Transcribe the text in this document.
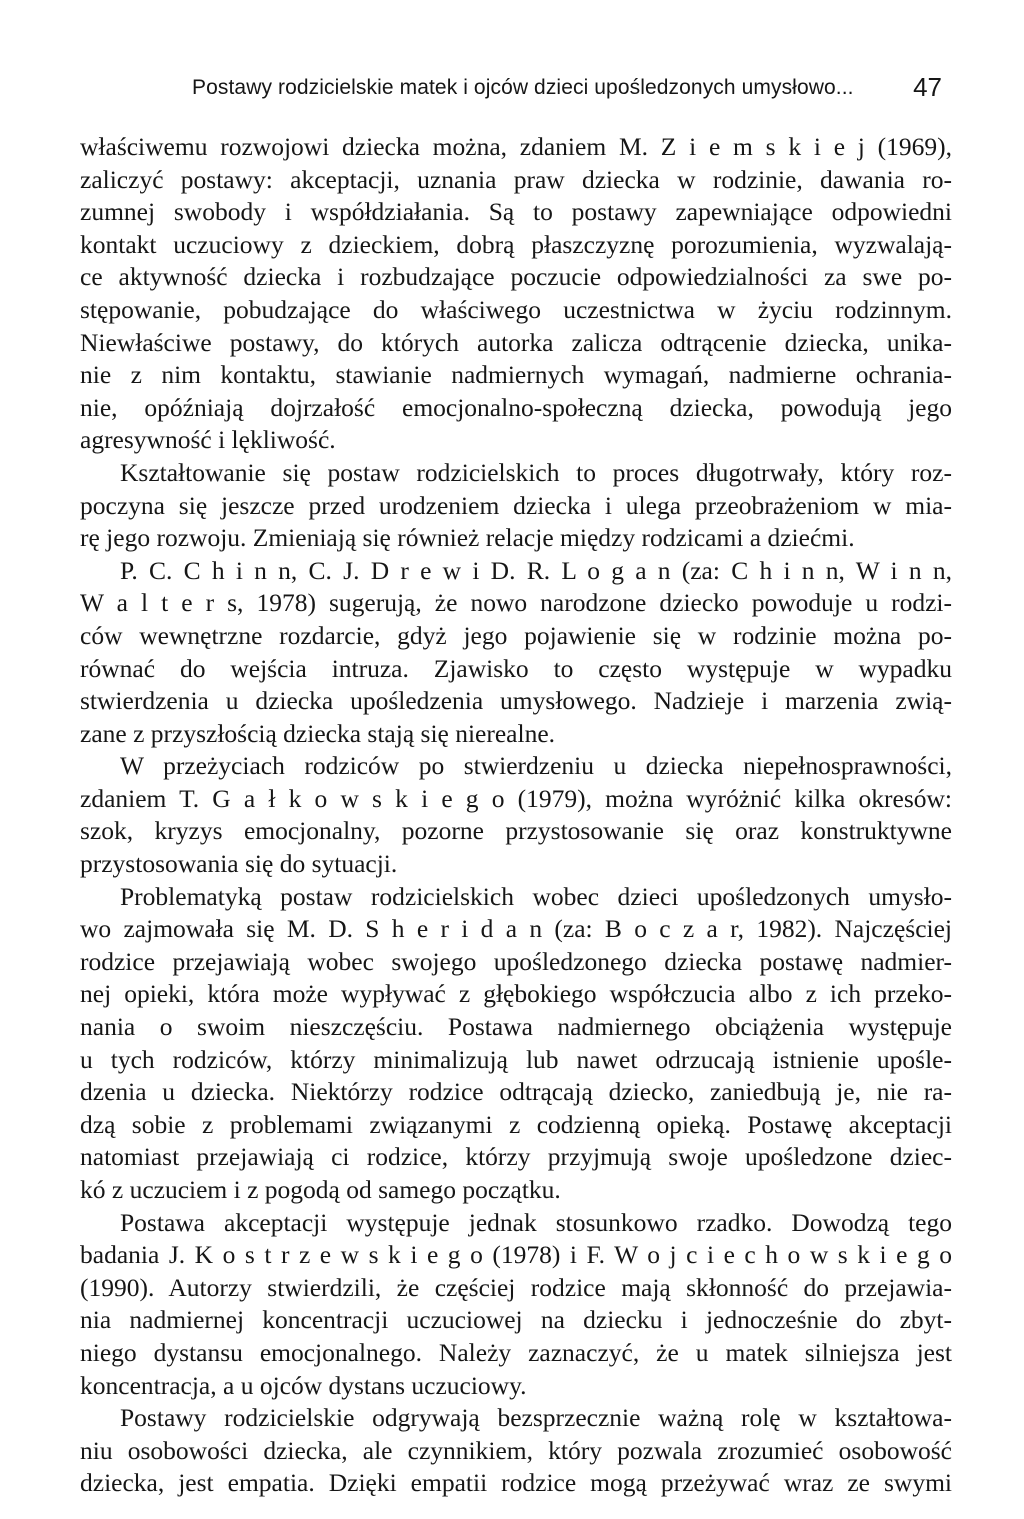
Postawy rodzicielskie matek i ojców dzieci upośledzonych umysłowo... 47
właściwemu rozwojowi dziecka można, zdaniem M. Z i e m s k i e j (1969),
zaliczyć postawy: akceptacji, uznania praw dziecka w rodzinie, dawania ro-
zumnej swobody i współdziałania. Są to postawy zapewniające odpowiedni
kontakt uczuciowy z dzieckiem, dobrą płaszczyznę porozumienia, wyzwalają-
ce aktywność dziecka i rozbudzające poczucie odpowiedzialności za swe po-
stępowanie, pobudzające do właściwego uczestnictwa w życiu rodzinnym.
Niewłaściwe postawy, do których autorka zalicza odtrącenie dziecka, unika-
nie z nim kontaktu, stawianie nadmiernych wymagań, nadmierne ochrania-
nie, opóźniają dojrzałość emocjonalno-społeczną dziecka, powodują jego
agresywność i lękliwość.
Kształtowanie się postaw rodzicielskich to proces długotrwały, który roz-
poczyna się jeszcze przed urodzeniem dziecka i ulega przeobrażeniom w mia-
rę jego rozwoju. Zmieniają się również relacje między rodzicami a dziećmi.
P. C. C h i n n, C. J. D r e w i D. R. L o g a n (za: C h i n n, W i n n,
W a l t e r s, 1978) sugerują, że nowo narodzone dziecko powoduje u rodzi-
ców wewnętrzne rozdarcie, gdyż jego pojawienie się w rodzinie można po-
równać do wejścia intruza. Zjawisko to często występuje w wypadku
stwierdzenia u dziecka upośledzenia umysłowego. Nadzieje i marzenia zwią-
zane z przyszłością dziecka stają się nierealne.
W przeżyciach rodziców po stwierdzeniu u dziecka niepełnosprawności,
zdaniem T. G a ł k o w s k i e g o (1979), można wyróżnić kilka okresów:
szok, kryzys emocjonalny, pozorne przystosowanie się oraz konstruktywne
przystosowania się do sytuacji.
Problematyką postaw rodzicielskich wobec dzieci upośledzonych umysło-
wo zajmowała się M. D. S h e r i d a n (za: B o c z a r, 1982). Najczęściej
rodzice przejawiają wobec swojego upośledzonego dziecka postawę nadmier-
nej opieki, która może wypływać z głębokiego współczucia albo z ich przeko-
nania o swoim nieszczęściu. Postawa nadmiernego obciążenia występuje
u tych rodziców, którzy minimalizują lub nawet odrzucają istnienie upośle-
dzenia u dziecka. Niektórzy rodzice odtrącają dziecko, zaniedbują je, nie ra-
dzą sobie z problemami związanymi z codzienną opieką. Postawę akceptacji
natomiast przejawiają ci rodzice, którzy przyjmują swoje upośledzone dziec-
kó z uczuciem i z pogodą od samego początku.
Postawa akceptacji występuje jednak stosunkowo rzadko. Dowodzą tego
badania J. K o s t r z e w s k i e g o (1978) i F. W o j c i e c h o w s k i e g o
(1990). Autorzy stwierdzili, że częściej rodzice mają skłonność do przejawia-
nia nadmiernej koncentracji uczuciowej na dziecku i jednocześnie do zbyt-
niego dystansu emocjonalnego. Należy zaznaczyć, że u matek silniejsza jest
koncentracja, a u ojców dystans uczuciowy.
Postawy rodzicielskie odgrywają bezsprzecznie ważną rolę w kształtowa-
niu osobowości dziecka, ale czynnikiem, który pozwala zrozumieć osobowość
dziecka, jest empatia. Dzięki empatii rodzice mogą przeżywać wraz ze swymi
